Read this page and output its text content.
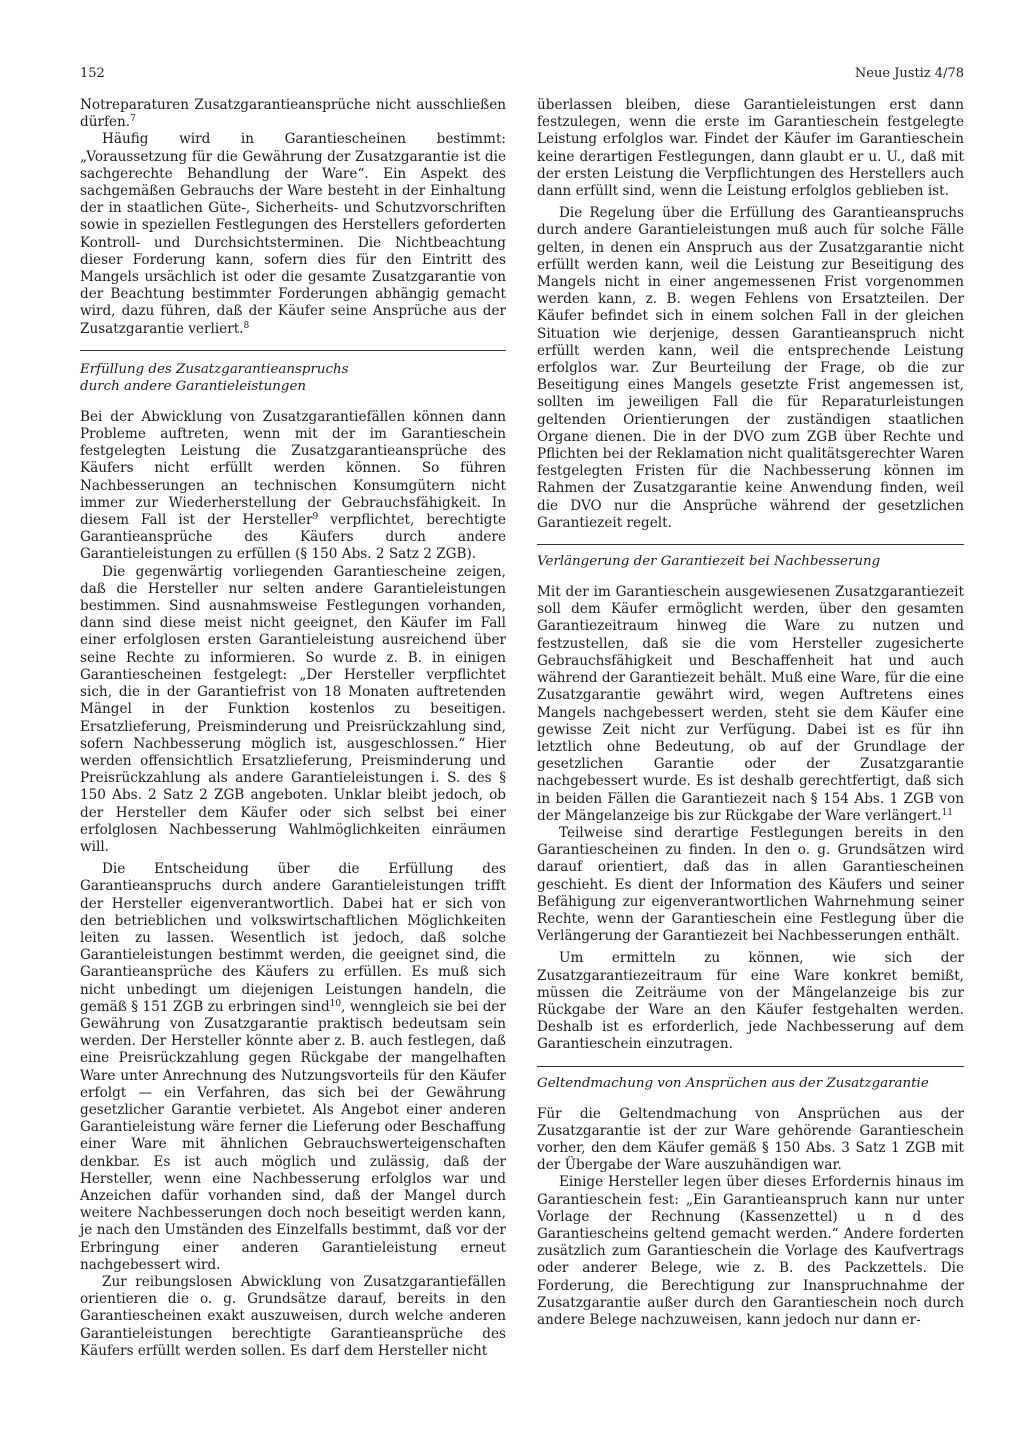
152	Neue Justiz 4/78

Notreparaturen Zusatzgarantieansprüche nicht ausschließen dürfen.$^7$

Häufig wird in Garantiescheinen bestimmt: „Voraussetzung für die Gewährung der Zusatzgarantie ist die sachgerechte Behandlung der Ware“. Ein Aspekt des sachgemäßen Gebrauchs der Ware besteht in der Einhaltung der in staatlichen Güte-, Sicherheits- und Schutzvorschriften sowie in speziellen Festlegungen des Herstellers geforderten Kontroll- und Durchsichtsterminen. Die Nichtbeachtung dieser Forderung kann, sofern dies für den Eintritt des Mangels ursächlich ist oder die gesamte Zusatzgarantie von der Beachtung bestimmter Forderungen abhängig gemacht wird, dazu führen, daß der Käufer seine Ansprüche aus der Zusatzgarantie verliert.$^8$

Erfüllung des Zusatzgarantieanspruchs
durch andere Garantieleistungen

Bei der Abwicklung von Zusatzgarantiefällen können dann Probleme auftreten, wenn mit der im Garantieschein festgelegten Leistung die Zusatzgarantieansprüche des Käufers nicht erfüllt werden können. So führen Nachbesserungen an technischen Konsumgütern nicht immer zur Wiederherstellung der Gebrauchsfähigkeit. In diesem Fall ist der Hersteller$^9$ verpflichtet, berechtigte Garantieansprüche des Käufers durch andere Garantieleistungen zu erfüllen (§ 150 Abs. 2 Satz 2 ZGB).

Die gegenwärtig vorliegenden Garantiescheine zeigen, daß die Hersteller nur selten andere Garantieleistungen bestimmen. Sind ausnahmsweise Festlegungen vorhanden, dann sind diese meist nicht geeignet, den Käufer im Fall einer erfolglosen ersten Garantieleistung ausreichend über seine Rechte zu informieren. So wurde z. B. in einigen Garantiescheinen festgelegt: „Der Hersteller verpflichtet sich, die in der Garantiefrist von 18 Monaten auftretenden Mängel in der Funktion kostenlos zu beseitigen. Ersatzlieferung, Preisminderung und Preisrückzahlung sind, sofern Nachbesserung möglich ist, ausgeschlossen.“ Hier werden offensichtlich Ersatzlieferung, Preisminderung und Preisrückzahlung als andere Garantieleistungen i. S. des § 150 Abs. 2 Satz 2 ZGB angeboten. Unklar bleibt jedoch, ob der Hersteller dem Käufer oder sich selbst bei einer erfolglosen Nachbesserung Wahlmöglichkeiten einräumen will.

Die Entscheidung über die Erfüllung des Garantieanspruchs durch andere Garantieleistungen trifft der Hersteller eigenverantwortlich. Dabei hat er sich von den betrieblichen und volkswirtschaftlichen Möglichkeiten leiten zu lassen. Wesentlich ist jedoch, daß solche Garantieleistungen bestimmt werden, die geeignet sind, die Garantieansprüche des Käufers zu erfüllen. Es muß sich nicht unbedingt um diejenigen Leistungen handeln, die gemäß § 151 ZGB zu erbringen sind$^{10}$, wenngleich sie bei der Gewährung von Zusatzgarantie praktisch bedeutsam sein werden. Der Hersteller könnte aber z. B. auch festlegen, daß eine Preisrückzahlung gegen Rückgabe der mangelhaften Ware unter Anrechnung des Nutzungsvorteils für den Käufer erfolgt — ein Verfahren, das sich bei der Gewährung gesetzlicher Garantie verbietet. Als Angebot einer anderen Garantieleistung wäre ferner die Lieferung oder Beschaffung einer Ware mit ähnlichen Gebrauchswerteigenschaften denkbar. Es ist auch möglich und zulässig, daß der Hersteller, wenn eine Nachbesserung erfolglos war und Anzeichen dafür vorhanden sind, daß der Mangel durch weitere Nachbesserungen doch noch beseitigt werden kann, je nach den Umständen des Einzelfalls bestimmt, daß vor der Erbringung einer anderen Garantieleistung erneut nachgebessert wird.

Zur reibungslosen Abwicklung von Zusatzgarantiefällen orientieren die o. g. Grundsätze darauf, bereits in den Garantiescheinen exakt auszuweisen, durch welche anderen Garantieleistungen berechtigte Garantieansprüche des Käufers erfüllt werden sollen. Es darf dem Hersteller nicht

überlassen bleiben, diese Garantieleistungen erst dann festzulegen, wenn die erste im Garantieschein festgelegte Leistung erfolglos war. Findet der Käufer im Garantieschein keine derartigen Festlegungen, dann glaubt er u. U., daß mit der ersten Leistung die Verpflichtungen des Herstellers auch dann erfüllt sind, wenn die Leistung erfolglos geblieben ist.

Die Regelung über die Erfüllung des Garantieanspruchs durch andere Garantieleistungen muß auch für solche Fälle gelten, in denen ein Anspruch aus der Zusatzgarantie nicht erfüllt werden kann, weil die Leistung zur Beseitigung des Mangels nicht in einer angemessenen Frist vorgenommen werden kann, z. B. wegen Fehlens von Ersatzteilen. Der Käufer befindet sich in einem solchen Fall in der gleichen Situation wie derjenige, dessen Garantieanspruch nicht erfüllt werden kann, weil die entsprechende Leistung erfolglos war. Zur Beurteilung der Frage, ob die zur Beseitigung eines Mangels gesetzte Frist angemessen ist, sollten im jeweiligen Fall die für Reparaturleistungen geltenden Orientierungen der zuständigen staatlichen Organe dienen. Die in der DVO zum ZGB über Rechte und Pflichten bei der Reklamation nicht qualitätsgerechter Waren festgelegten Fristen für die Nachbesserung können im Rahmen der Zusatzgarantie keine Anwendung finden, weil die DVO nur die Ansprüche während der gesetzlichen Garantiezeit regelt.

Verlängerung der Garantiezeit bei Nachbesserung

Mit der im Garantieschein ausgewiesenen Zusatzgarantiezeit soll dem Käufer ermöglicht werden, über den gesamten Garantiezeitraum hinweg die Ware zu nutzen und festzustellen, daß sie die vom Hersteller zugesicherte Gebrauchsfähigkeit und Beschaffenheit hat und auch während der Garantiezeit behält. Muß eine Ware, für die eine Zusatzgarantie gewährt wird, wegen Auftretens eines Mangels nachgebessert werden, steht sie dem Käufer eine gewisse Zeit nicht zur Verfügung. Dabei ist es für ihn letztlich ohne Bedeutung, ob auf der Grundlage der gesetzlichen Garantie oder der Zusatzgarantie nachgebessert wurde. Es ist deshalb gerechtfertigt, daß sich in beiden Fällen die Garantiezeit nach § 154 Abs. 1 ZGB von der Mängelanzeige bis zur Rückgabe der Ware verlängert.$^{11}$

Teilweise sind derartige Festlegungen bereits in den Garantiescheinen zu finden. In den o. g. Grundsätzen wird darauf orientiert, daß das in allen Garantiescheinen geschieht. Es dient der Information des Käufers und seiner Befähigung zur eigenverantwortlichen Wahrnehmung seiner Rechte, wenn der Garantieschein eine Festlegung über die Verlängerung der Garantiezeit bei Nachbesserungen enthält.

Um ermitteln zu können, wie sich der Zusatzgarantiezeitraum für eine Ware konkret bemißt, müssen die Zeiträume von der Mängelanzeige bis zur Rückgabe der Ware an den Käufer festgehalten werden. Deshalb ist es erforderlich, jede Nachbesserung auf dem Garantieschein einzutragen.

Geltendmachung von Ansprüchen aus der Zusatzgarantie

Für die Geltendmachung von Ansprüchen aus der Zusatzgarantie ist der zur Ware gehörende Garantieschein vorher, den dem Käufer gemäß § 150 Abs. 3 Satz 1 ZGB mit der Übergabe der Ware auszuhändigen war.

Einige Hersteller legen über dieses Erfordernis hinaus im Garantieschein fest: „Ein Garantieanspruch kann nur unter Vorlage der Rechnung (Kassenzettel) u n d des Garantiescheins geltend gemacht werden.“ Andere forderten zusätzlich zum Garantieschein die Vorlage des Kaufvertrags oder anderer Belege, wie z. B. des Packzettels. Die Forderung, die Berechtigung zur Inanspruchnahme der Zusatzgarantie außer durch den Garantieschein noch durch andere Belege nachzuweisen, kann jedoch nur dann er-
